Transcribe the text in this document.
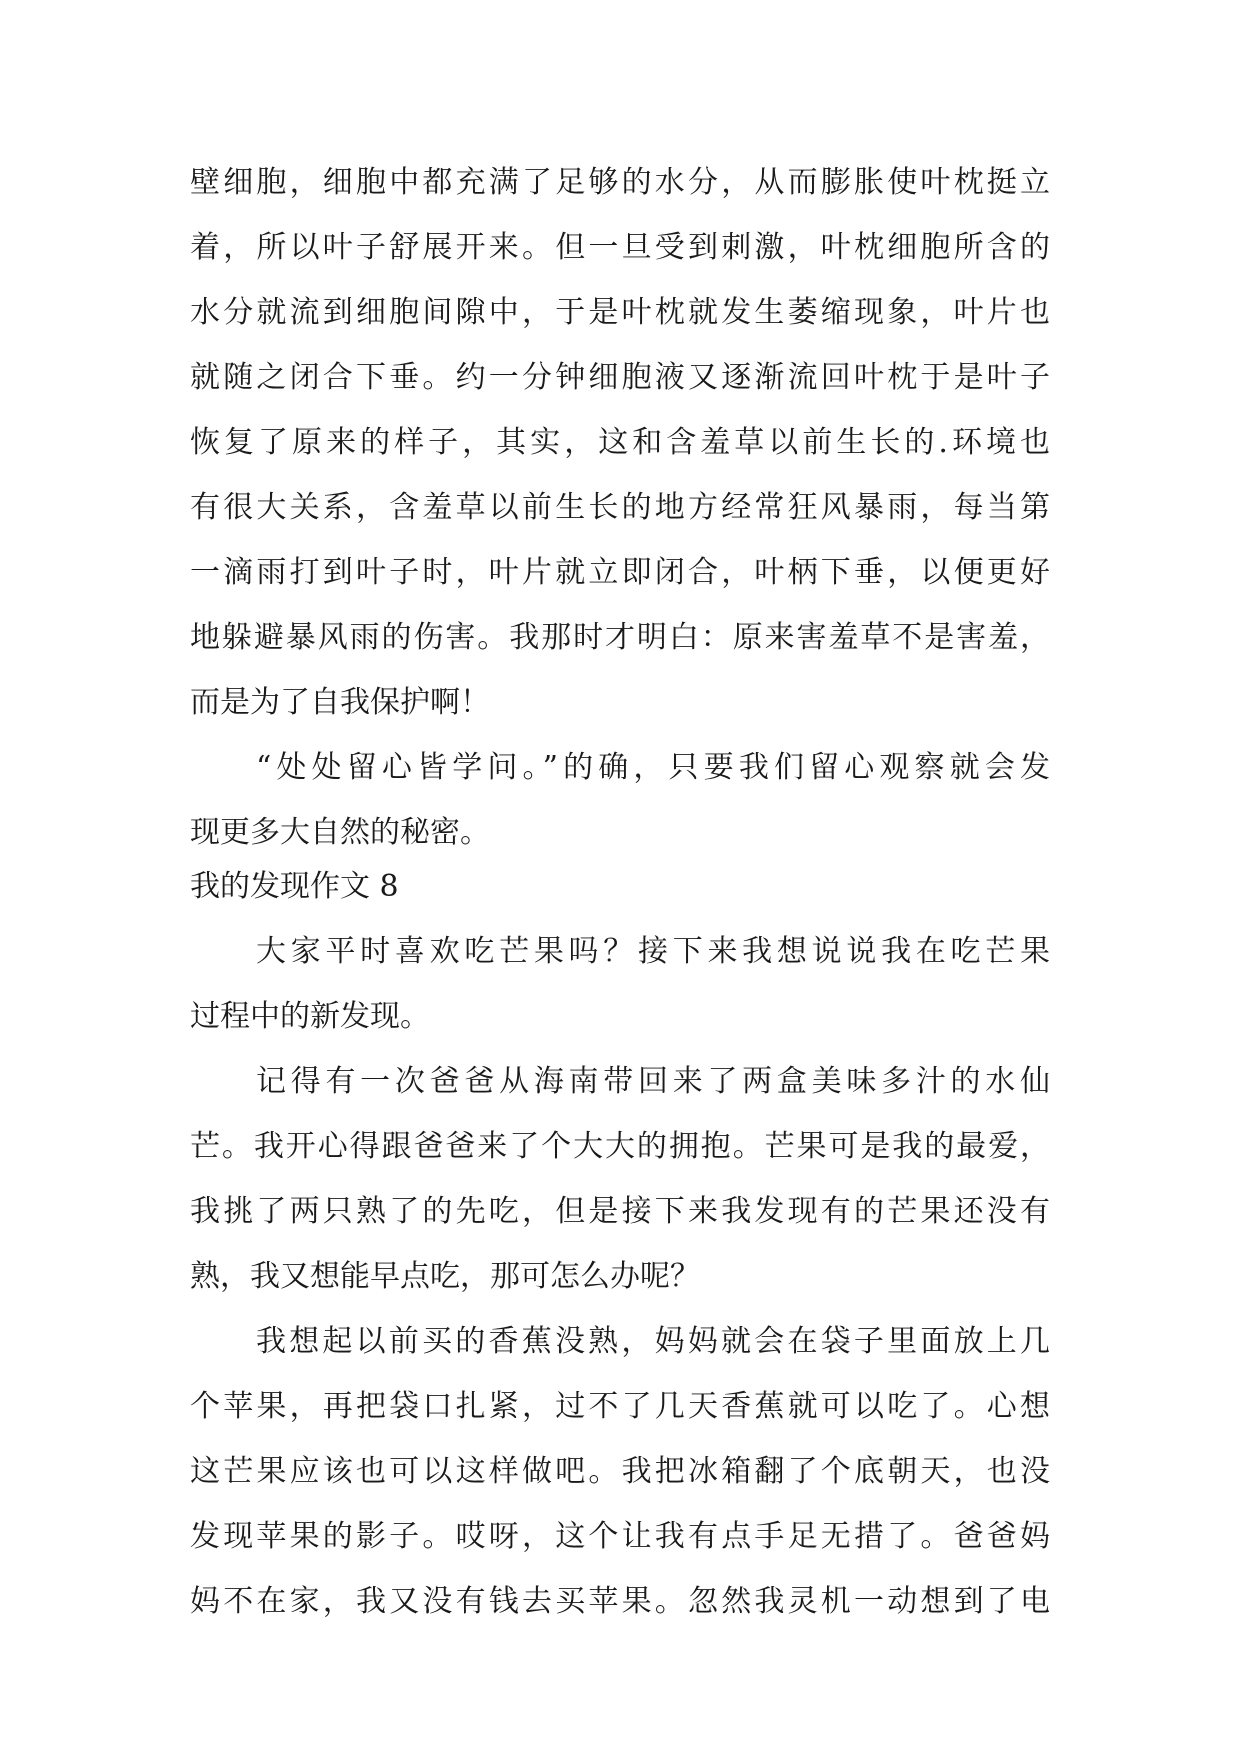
壁细胞，细胞中都充满了足够的水分，从而膨胀使叶枕挺立
着，所以叶子舒展开来。但一旦受到刺激，叶枕细胞所含的
水分就流到细胞间隙中，于是叶枕就发生萎缩现象，叶片也
就随之闭合下垂。约一分钟细胞液又逐渐流回叶枕于是叶子
恢复了原来的样子，其实，这和含羞草以前生长的.环境也
有很大关系，含羞草以前生长的地方经常狂风暴雨，每当第
一滴雨打到叶子时，叶片就立即闭合，叶柄下垂，以便更好
地躲避暴风雨的伤害。我那时才明白：原来害羞草不是害羞，
而是为了自我保护啊！
“处处留心皆学问。”的确，只要我们留心观察就会发
现更多大自然的秘密。
我的发现作文 8
大家平时喜欢吃芒果吗？接下来我想说说我在吃芒果
过程中的新发现。
记得有一次爸爸从海南带回来了两盒美味多汁的水仙
芒。我开心得跟爸爸来了个大大的拥抱。芒果可是我的最爱，
我挑了两只熟了的先吃，但是接下来我发现有的芒果还没有
熟，我又想能早点吃，那可怎么办呢？
我想起以前买的香蕉没熟，妈妈就会在袋子里面放上几
个苹果，再把袋口扎紧，过不了几天香蕉就可以吃了。心想
这芒果应该也可以这样做吧。我把冰箱翻了个底朝天，也没
发现苹果的影子。哎呀，这个让我有点手足无措了。爸爸妈
妈不在家，我又没有钱去买苹果。忽然我灵机一动想到了电
